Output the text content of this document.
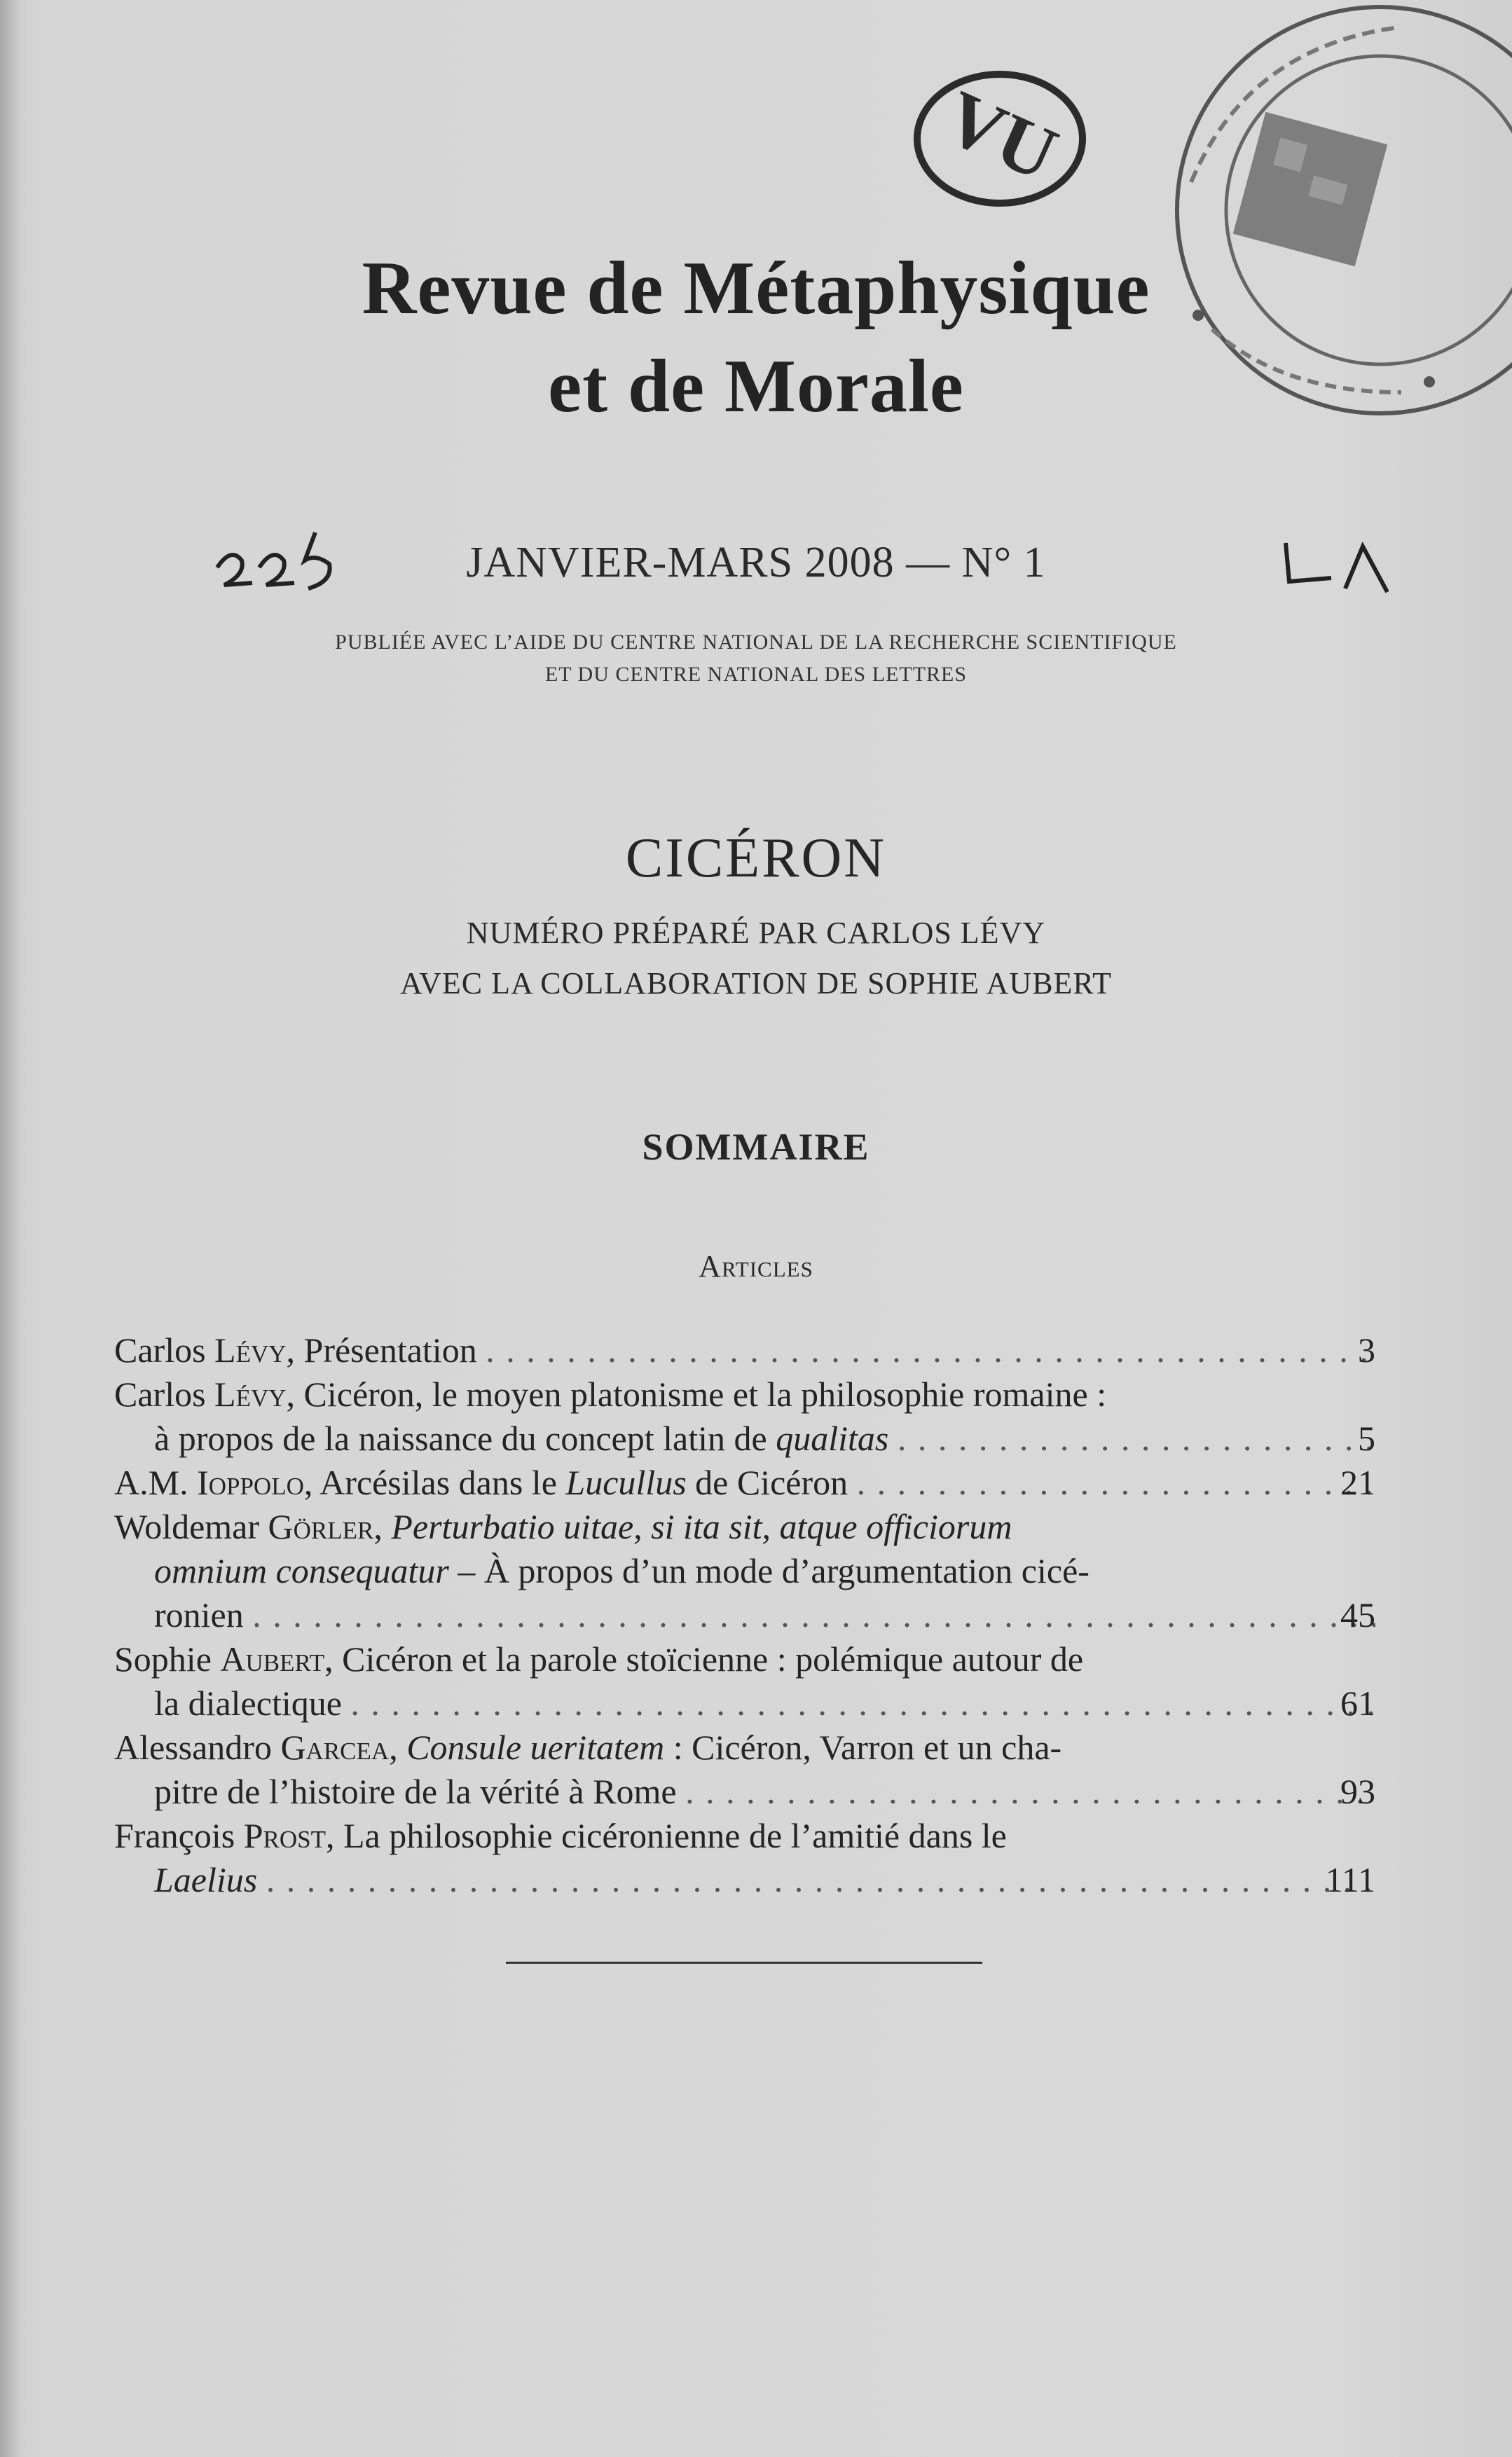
VU
Revue de Métaphysique
et de Morale
JANVIER-MARS 2008 — N° 1
PUBLIÉE AVEC L’AIDE DU CENTRE NATIONAL DE LA RECHERCHE SCIENTIFIQUE
ET DU CENTRE NATIONAL DES LETTRES
CICÉRON
NUMÉRO PRÉPARÉ PAR CARLOS LÉVY
AVEC LA COLLABORATION DE SOPHIE AUBERT
SOMMAIRE
Articles
Carlos Lévy, Présentation . . .	3
Carlos Lévy, Cicéron, le moyen platonisme et la philosophie romaine :
à propos de la naissance du concept latin de qualitas . . .	5
A.M. Ioppolo, Arcésilas dans le Lucullus de Cicéron . . .	21
Woldemar Görler, Perturbatio uitae, si ita sit, atque officiorum
omnium consequatur – À propos d’un mode d’argumentation cicé-
ronien . . .	45
Sophie Aubert, Cicéron et la parole stoïcienne : polémique autour de
la dialectique . . .	61
Alessandro Garcea, Consule ueritatem : Cicéron, Varron et un cha-
pitre de l’histoire de la vérité à Rome . . .	93
François Prost, La philosophie cicéronienne de l’amitié dans le
Laelius . . .	111
